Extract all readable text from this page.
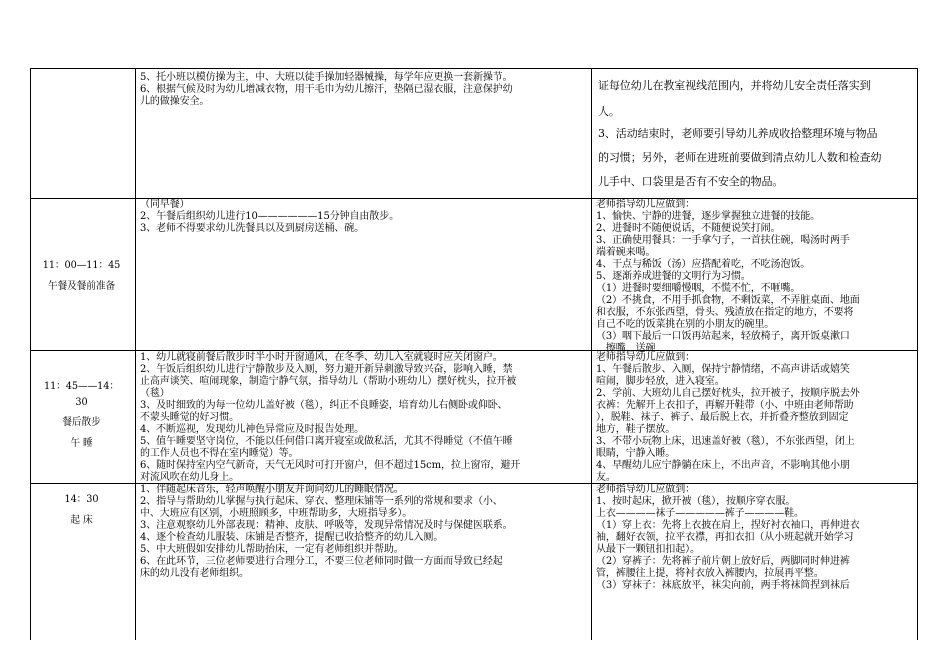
5、托小班以模仿操为主，中、大班以徒手操加轻器械操，每学年应更换一套新操节。
6、根据气候及时为幼儿增减衣物，用干毛巾为幼儿擦汗，垫隔已湿衣服，注意保护幼
儿的做操安全。
证每位幼儿在教室视线范围内，并将幼儿安全责任落实到
人。
3、活动结束时，老师要引导幼儿养成收拾整理环境与物品
的习惯；另外，老师在进班前要做到清点幼儿人数和检查幼
儿手中、口袋里是否有不安全的物品。
11：00—11：45
午餐及餐前准备
（同早餐）
2、午餐后组织幼儿进行10——————15分钟自由散步。
3、老师不得要求幼儿洗餐具以及到厨房送桶、碗。
老师指导幼儿应做到：
1、愉快、宁静的进餐，逐步掌握独立进餐的技能。
2、进餐时不随便说话，不随便说笑打闹。
3、正确使用餐具：一手拿勺子，一首扶住碗，喝汤时两手
端着碗来喝。
4、干点与稀饭（汤）应搭配着吃，不吃汤泡饭。
5、逐渐养成进餐的文明行为习惯。
（1）进餐时要细嚼慢咽，不慌不忙，不咂嘴。
（2）不挑食，不用手抓食物，不剩饭菜，不弄脏桌面、地面
和衣服，不东张西望，骨头、残渣放在指定的地方，不要将
自己不吃的饭菜挑在别的小朋友的碗里。
（3）咽下最后一口饭再站起来，轻放椅子，离开饭桌漱口
，擦嘴，送碗
11：45——14：
30
餐后散步
午 睡
1、幼儿就寝前餐后散步时半小时开窗通风，在冬季、幼儿入室就寝时应关闭窗户。
2、午饭后组织幼儿进行宁静散步及入厕，努力避开新异刺激导致兴奋，影响入睡，禁
止高声谈笑、喧闹现象，制造宁静气氛，指导幼儿（帮助小班幼儿）摆好枕头，拉开被
（毯）
3、及时细致的为每一位幼儿盖好被（毯），纠正不良睡姿，培育幼儿右侧卧或仰卧、
不蒙头睡觉的好习惯。
4、不断巡视，发现幼儿神色异常应及时报告处理。
5、值午睡要坚守岗位，不能以任何借口离开寝室或做私活，尤其不得睡觉（不值午睡
的工作人员也不得在室内睡觉）等。
6、随时保持室内空气新奇，天气无风时可打开窗户，但不超过15cm，拉上窗帘，避开
对流风吹在幼儿身上。
老师指导幼儿应做到：
1、午餐后散步、入厕，保持宁静情绪，不高声讲话或嬉笑
喧闹，脚步轻放，进入寝室。
2、学前、大班幼儿自己摆好枕头，拉开被子，按顺序脱去外
衣裤：先解开上衣扣子，再解开鞋带（小、中班由老师帮助
），脱鞋、袜子、裤子、最后脱上衣，并折叠齐整放到固定
地方，鞋子摆放。
3、不带小玩物上床，迅速盖好被（毯），不东张西望，闭上
眼睛，宁静入睡。
4、早醒幼儿应宁静躺在床上，不出声音，不影响其他小朋
友。
14：30
起 床
1、伴随起床音乐，轻声唤醒小朋友并询问幼儿的睡眠情况。
2、指导与帮助幼儿掌握与执行起床、穿衣、整理床铺等一系列的常规和要求（小、
中、大班应有区别，小班照顾多，中班帮助多，大班指导多）。
3、注意观察幼儿外部表现：精神、皮肤、呼吸等，发现异常情况及时与保健医联系。
4、逐个检查幼儿服装、床铺是否整齐，提醒已收拾整齐的幼儿入厕。
5、中大班假如安排幼儿帮助抬床，一定有老师组织并帮助。
6、在此环节，三位老师要进行合理分工，不要三位老师同时做一方面而导致已经起
床的幼儿没有老师组织。
老师指导幼儿应做到：
1、按时起床，掀开被（毯），按顺序穿衣服。
上衣————袜子—————裤子————鞋。
（1）穿上衣：先将上衣披在肩上，捏好衬衣袖口，再伸进衣
袖，翻好衣领，拉平衣襟，再扣衣扣（从小班起就开始学习
从最下一颗钮扣扣起）。
（2）穿裤子：先将裤子前片朝上放好后，两脚同时伸进裤
管，裤腰往上提，将衬衣放入裤腰内，拉展再平整。
（3）穿袜子：袜底放平，袜尖向前，两手将袜筒捏到袜后
